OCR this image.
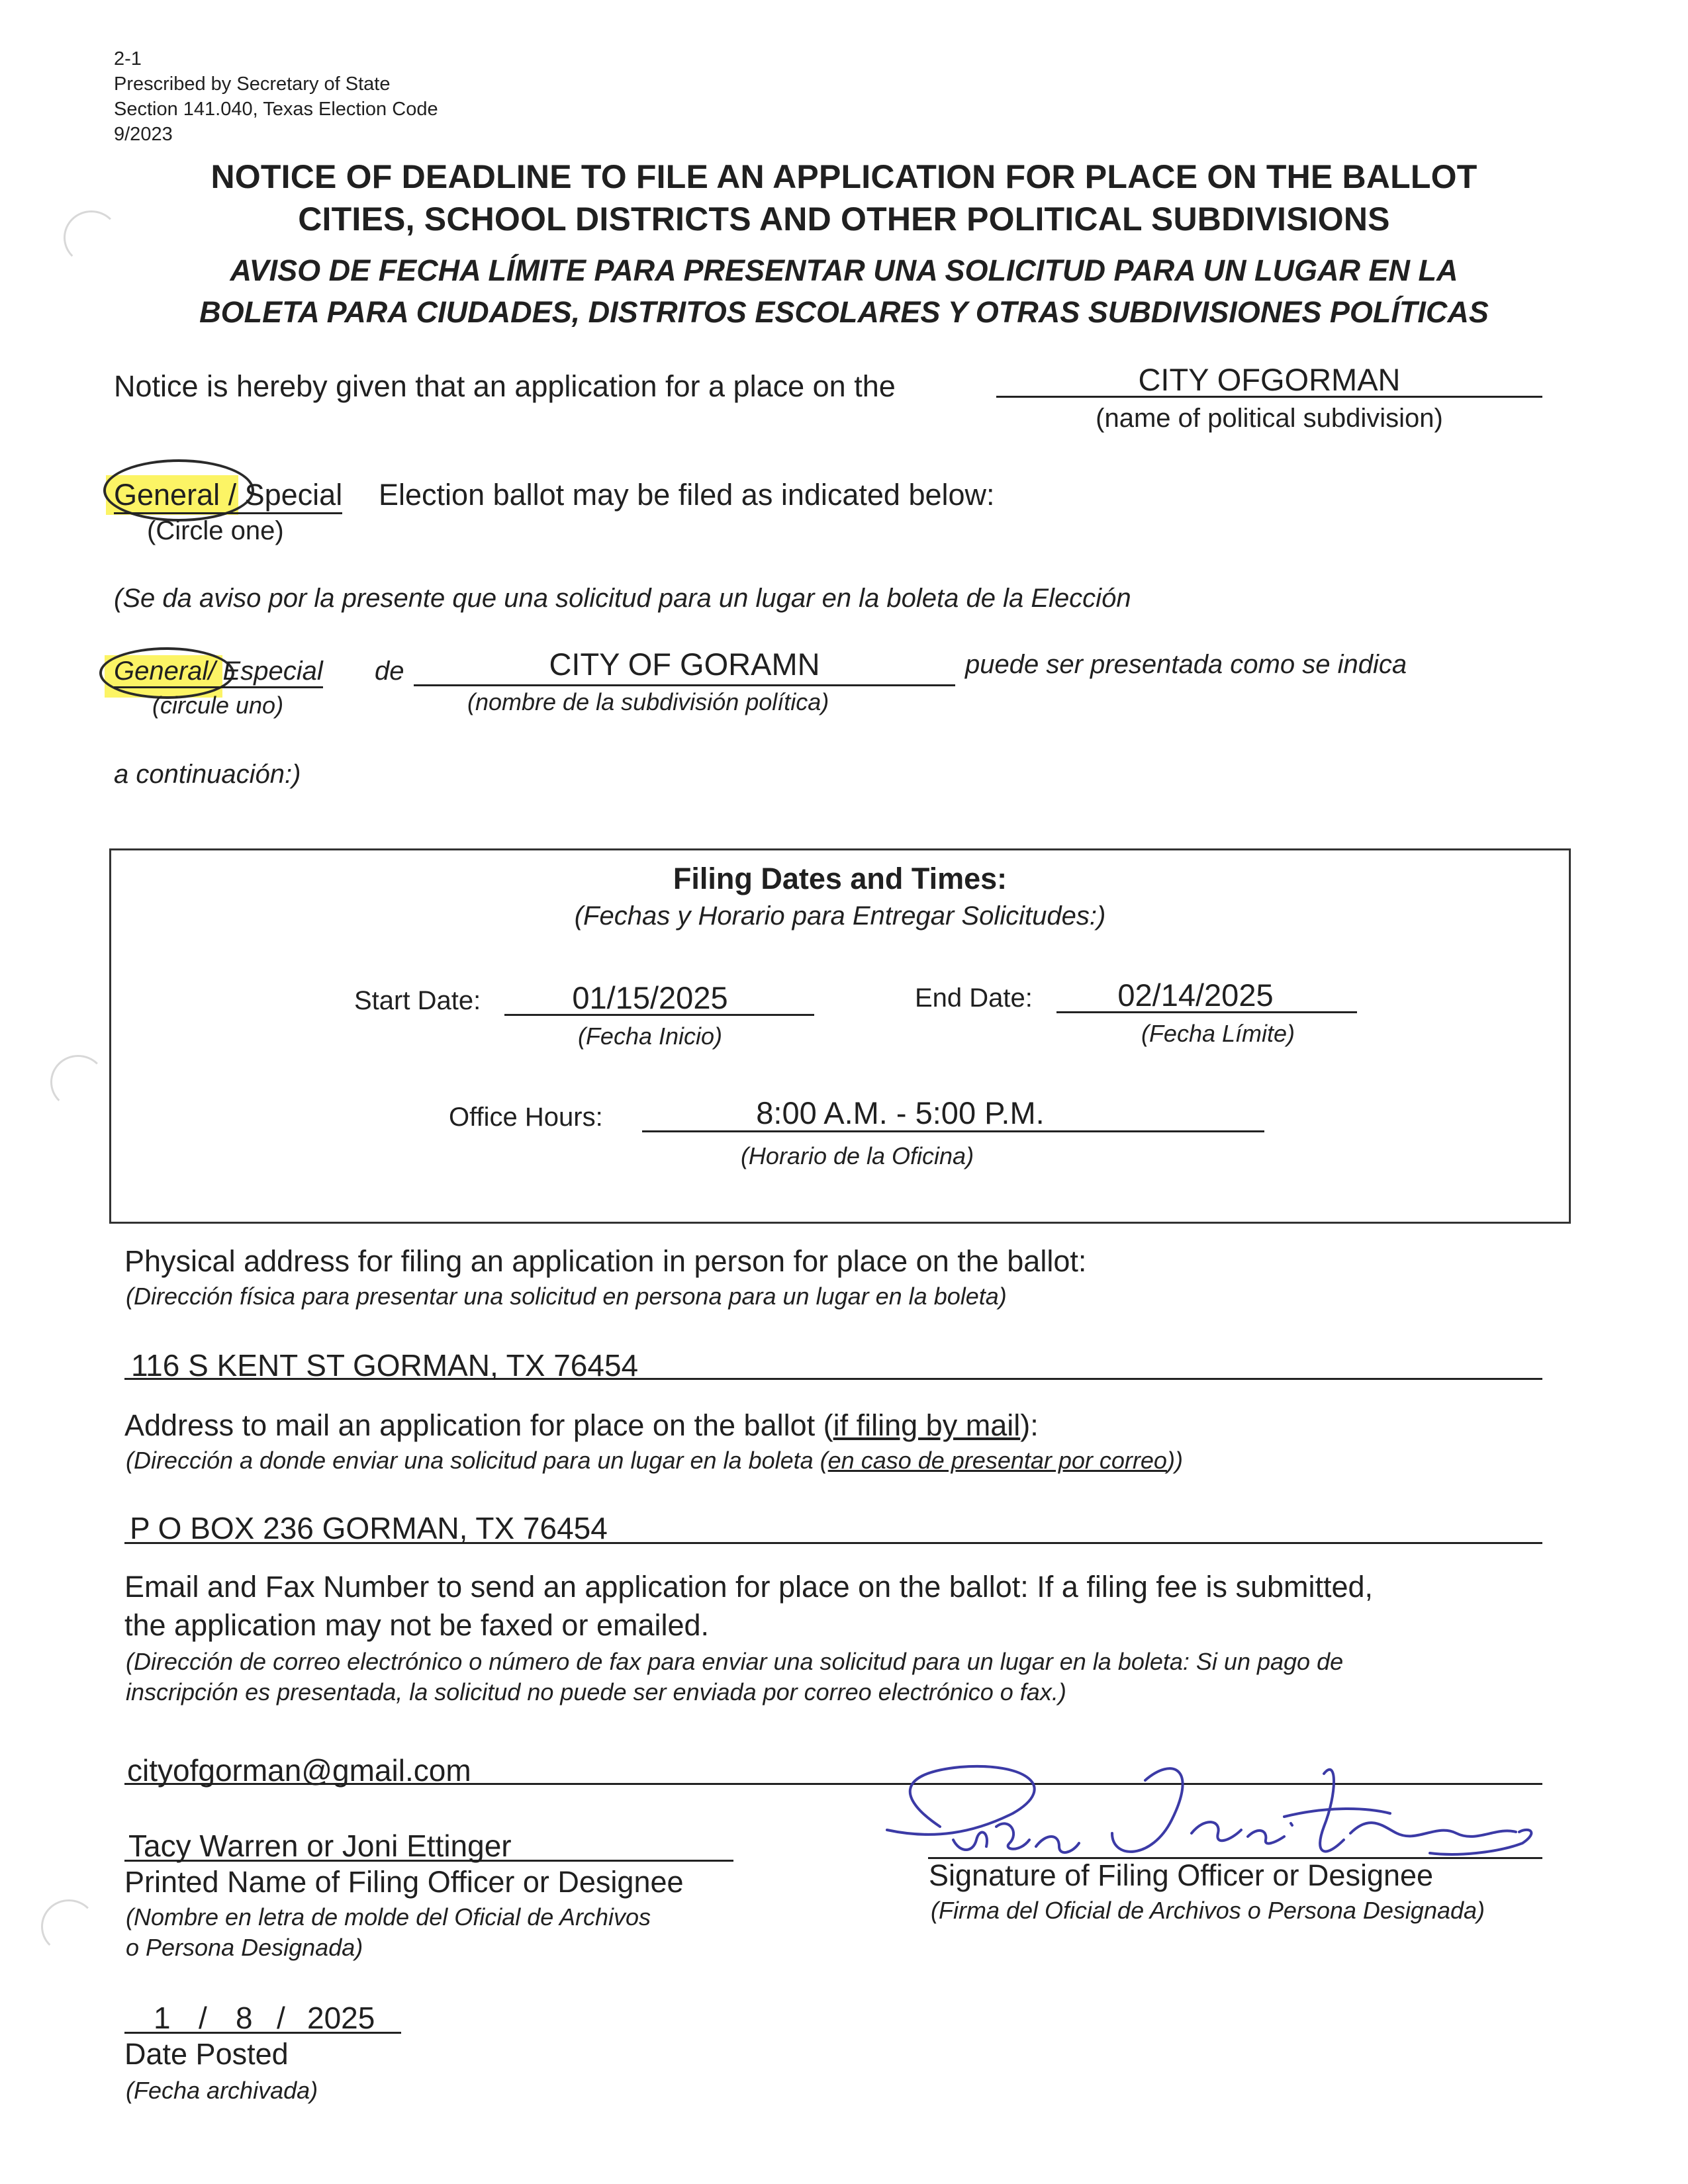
2-1
Prescribed by Secretary of State
Section 141.040, Texas Election Code
9/2023
NOTICE OF DEADLINE TO FILE AN APPLICATION FOR PLACE ON THE BALLOT
CITIES, SCHOOL DISTRICTS AND OTHER POLITICAL SUBDIVISIONS
AVISO DE FECHA LÍMITE PARA PRESENTAR UNA SOLICITUD PARA UN LUGAR EN LA
BOLETA PARA CIUDADES, DISTRITOS ESCOLARES Y OTRAS SUBDIVISIONES POLÍTICAS
Notice is hereby given that an application for a place on the	CITY OFGORMAN
(name of political subdivision)
General / Special Election ballot may be filed as indicated below:
(Circle one)
(Se da aviso por la presente que una solicitud para un lugar en la boleta de la Elección
General/ Especial de	CITY OF GORAMN	puede ser presentada como se indica
(circule uno)	(nombre de la subdivisión política)
a continuación:)
Filing Dates and Times:
(Fechas y Horario para Entregar Solicitudes:)
Start Date:	01/15/2025
(Fecha Inicio)
End Date:	02/14/2025
(Fecha Límite)
Office Hours:	8:00 A.M. - 5:00 P.M.
(Horario de la Oficina)
Physical address for filing an application in person for place on the ballot:
(Dirección física para presentar una solicitud en persona para un lugar en la boleta)
116 S KENT ST GORMAN, TX 76454
Address to mail an application for place on the ballot (if filing by mail):
(Dirección a donde enviar una solicitud para un lugar en la boleta (en caso de presentar por correo))
P O BOX 236 GORMAN, TX 76454
Email and Fax Number to send an application for place on the ballot: If a filing fee is submitted,
the application may not be faxed or emailed.
(Dirección de correo electrónico o número de fax para enviar una solicitud para un lugar en la boleta: Si un pago de
inscripción es presentada, la solicitud no puede ser enviada por correo electrónico o fax.)
cityofgorman@gmail.com
Tacy Warren or Joni Ettinger
Printed Name of Filing Officer or Designee
(Nombre en letra de molde del Oficial de Archivos
o Persona Designada)
Signature of Filing Officer or Designee
(Firma del Oficial de Archivos o Persona Designada)
1 / 8 / 2025
Date Posted
(Fecha archivada)
